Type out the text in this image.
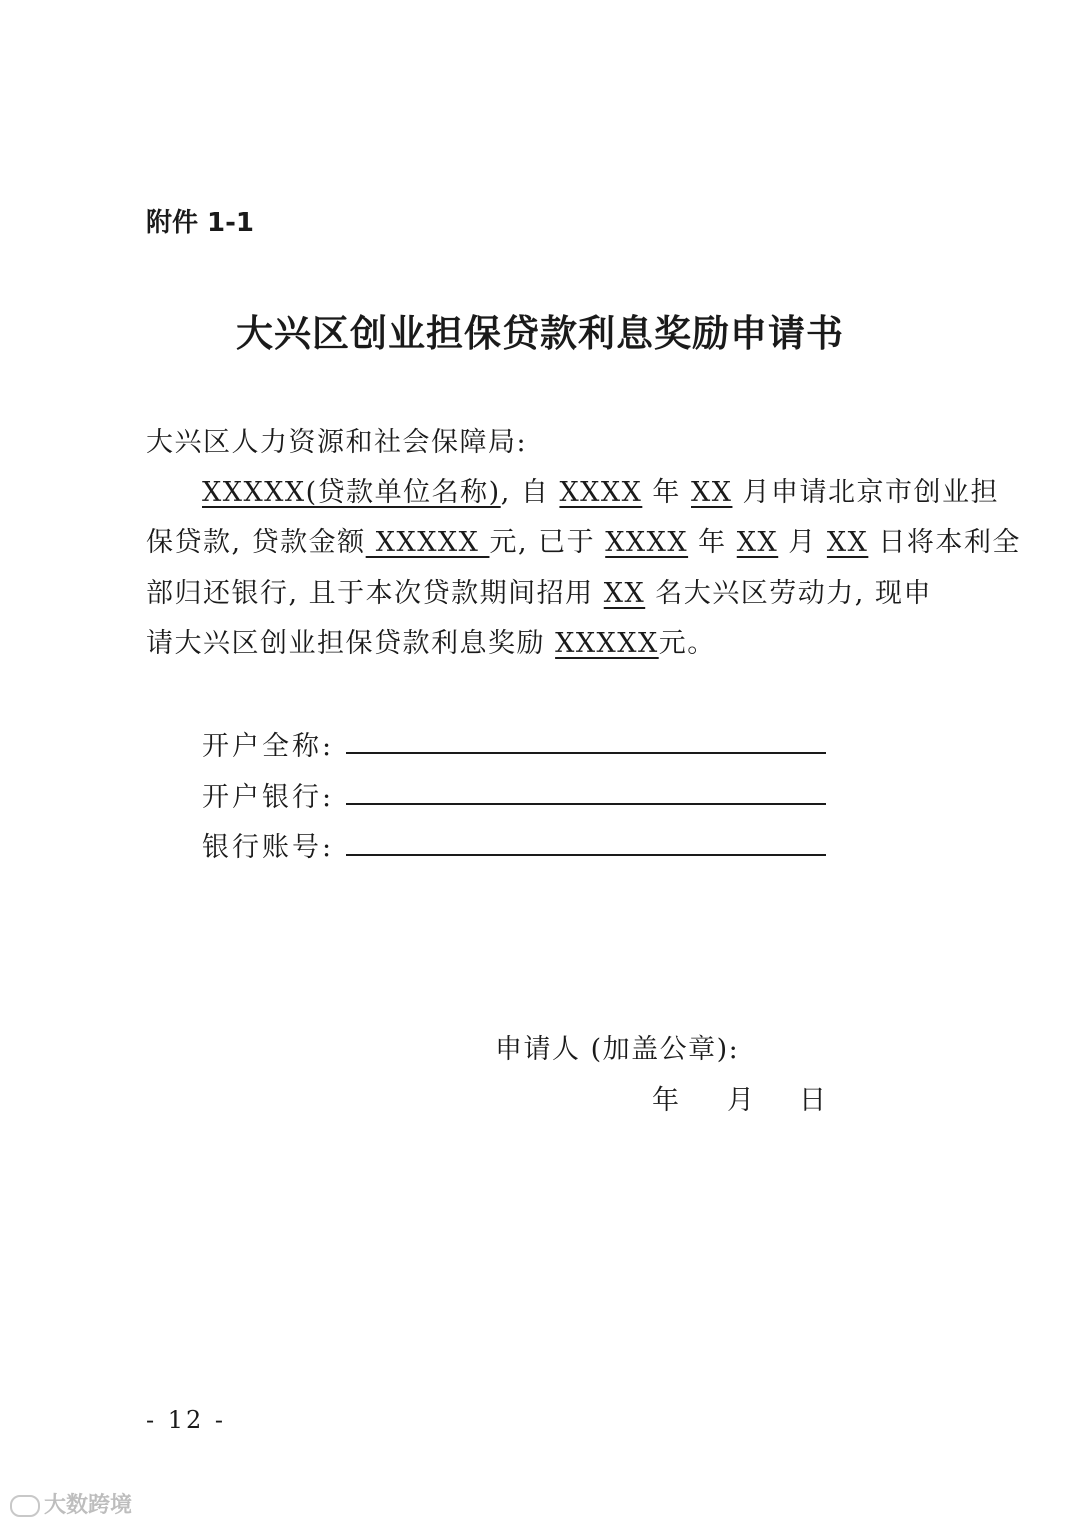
附件 1-1
大兴区创业担保贷款利息奖励申请书
大兴区人力资源和社会保障局:
XXXXX(贷款单位名称), 自 XXXX 年 XX 月申请北京市创业担
保贷款, 贷款金额 XXXXX 元, 已于 XXXX 年 XX 月 XX 日将本利全
部归还银行, 且于本次贷款期间招用 XX 名大兴区劳动力, 现申
请大兴区创业担保贷款利息奖励 XXXXX元。
开户全称:
开户银行:
银行账号:
申请人 (加盖公章):
年 月 日
- 12 -
大数跨境
